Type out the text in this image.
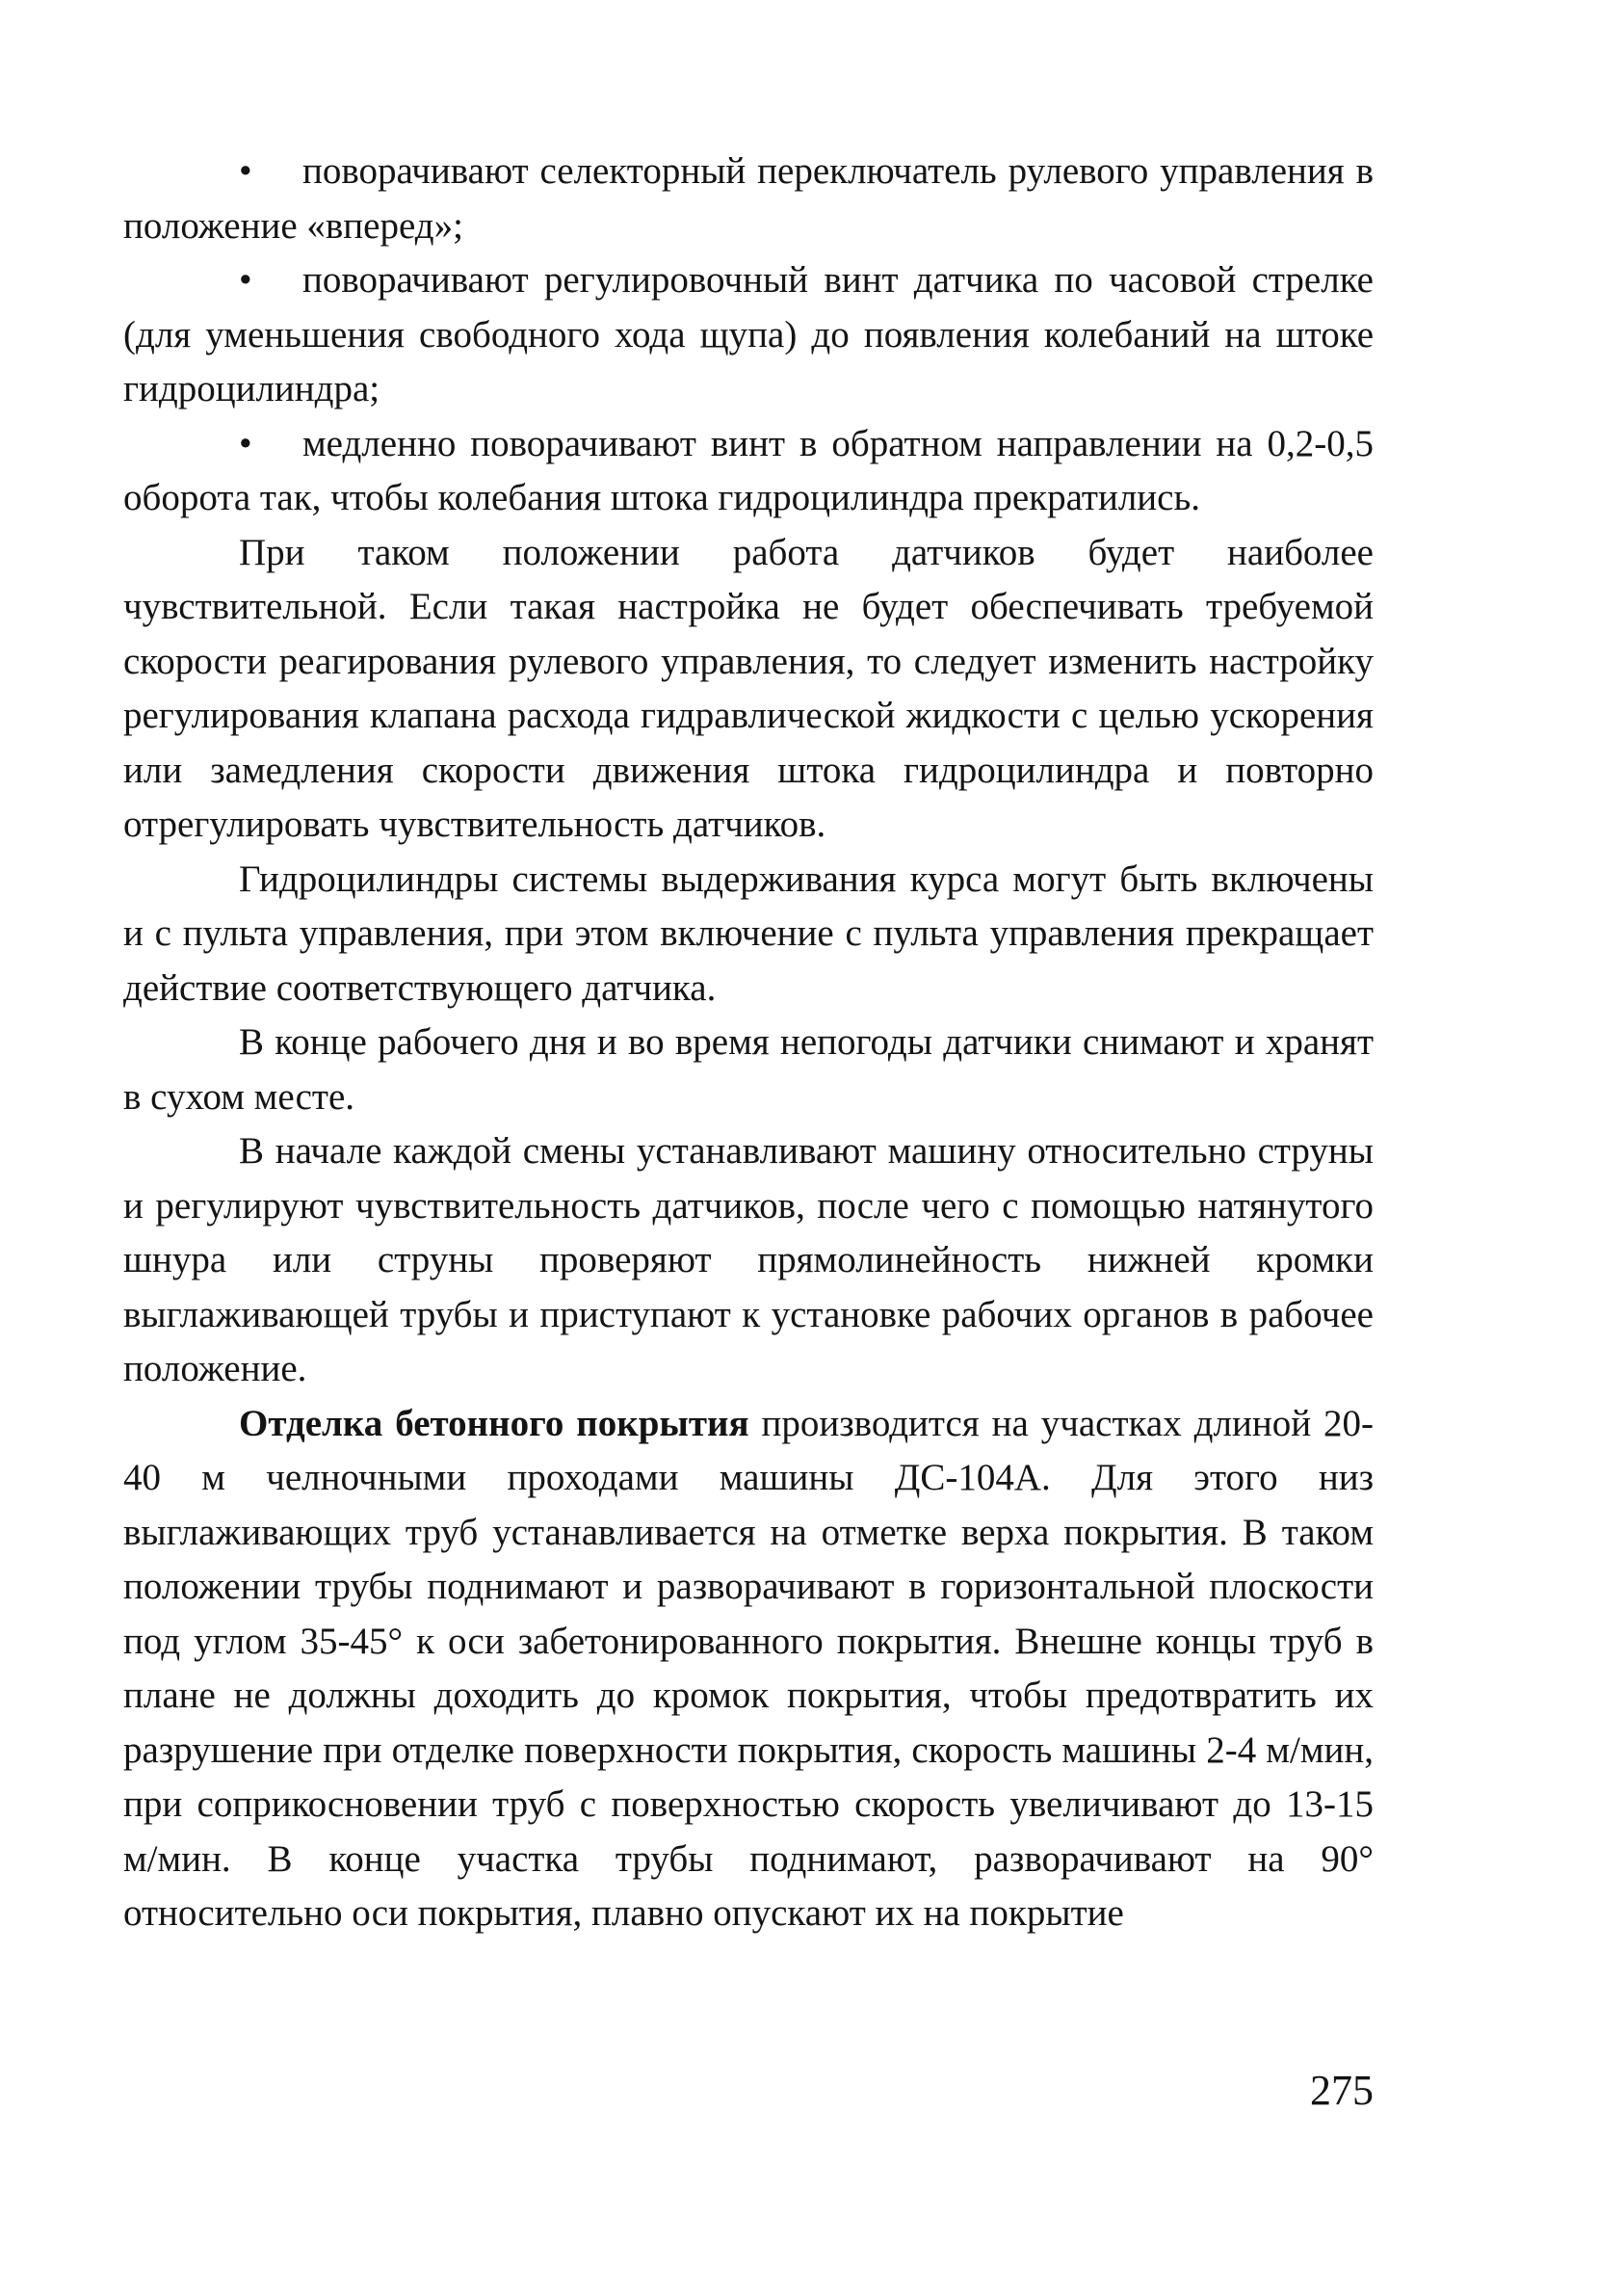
• поворачивают селекторный переключатель рулевого управления в положение «вперед»;

• поворачивают регулировочный винт датчика по часовой стрелке (для уменьшения свободного хода щупа) до появления колебаний на штоке гидроцилиндра;

• медленно поворачивают винт в обратном направлении на 0,2-0,5 оборота так, чтобы колебания штока гидроцилиндра прекратились.

При таком положении работа датчиков будет наиболее чувствительной. Если такая настройка не будет обеспечивать требуемой скорости реагирования рулевого управления, то следует изменить настройку регулирования клапана расхода гидравлической жидкости с целью ускорения или замедления скорости движения штока гидроцилиндра и повторно отрегулировать чувствительность датчиков.

Гидроцилиндры системы выдерживания курса могут быть включены и с пульта управления, при этом включение с пульта управления прекращает действие соответствующего датчика.

В конце рабочего дня и во время непогоды датчики снимают и хранят в сухом месте.

В начале каждой смены устанавливают машину относительно струны и регулируют чувствительность датчиков, после чего с помощью натянутого шнура или струны проверяют прямолинейность нижней кромки выглаживающей трубы и приступают к установке рабочих органов в рабочее положение.

Отделка бетонного покрытия производится на участках длиной 20-40 м челночными проходами машины ДС-104А. Для этого низ выглаживающих труб устанавливается на отметке верха покрытия. В таком положении трубы поднимают и разворачивают в горизонтальной плоскости под углом 35-45° к оси забетонированного покрытия. Внешне концы труб в плане не должны доходить до кромок покрытия, чтобы предотвратить их разрушение при отделке поверхности покрытия, скорость машины 2-4 м/мин, при соприкосновении труб с поверхностью скорость увеличивают до 13-15 м/мин. В конце участка трубы поднимают, разворачивают на 90° относительно оси покрытия, плавно опускают их на покрытие

275
